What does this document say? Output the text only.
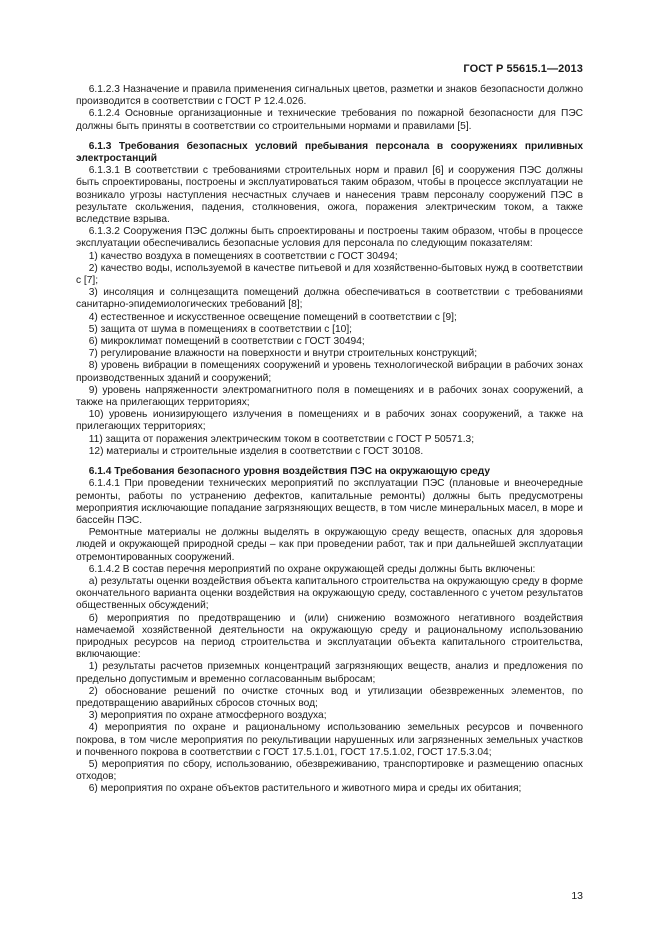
ГОСТ Р 55615.1—2013

6.1.2.3 Назначение и правила применения сигнальных цветов, разметки и знаков безопасности должно производится в соответствии с ГОСТ Р 12.4.026.

6.1.2.4 Основные организационные и технические требования по пожарной безопасности для ПЭС должны быть приняты в соответствии со строительными нормами и правилами [5].

6.1.3 Требования безопасных условий пребывания персонала в сооружениях приливных электростанций

6.1.3.1 В соответствии с требованиями строительных норм и правил [6] и сооружения ПЭС должны быть спроектированы, построены и эксплуатироваться таким образом, чтобы в процессе эксплуатации не возникало угрозы наступления несчастных случаев и нанесения травм персоналу сооружений ПЭС в результате скольжения, падения, столкновения, ожога, поражения электрическим током, а также вследствие взрыва.

6.1.3.2 Сооружения ПЭС должны быть спроектированы и построены таким образом, чтобы в процессе эксплуатации обеспечивались безопасные условия для персонала по следующим показателям:

1) качество воздуха в помещениях в соответствии с ГОСТ 30494;

2) качество воды, используемой в качестве питьевой и для хозяйственно-бытовых нужд в соответствии с [7];

3) инсоляция и солнцезащита помещений должна обеспечиваться в соответствии с требованиями санитарно-эпидемиологических требований [8];

4) естественное и искусственное освещение помещений в соответствии с [9];

5) защита от шума в помещениях в соответствии с [10];

6) микроклимат помещений в соответствии с ГОСТ 30494;

7) регулирование влажности на поверхности и внутри строительных конструкций;

8) уровень вибрации в помещениях сооружений и уровень технологической вибрации в рабочих зонах производственных зданий и сооружений;

9) уровень напряженности электромагнитного поля в помещениях и в рабочих зонах сооружений, а также на прилегающих территориях;

10) уровень ионизирующего излучения в помещениях и в рабочих зонах сооружений, а также на прилегающих территориях;

11) защита от поражения электрическим током в соответствии с ГОСТ Р 50571.3;

12) материалы и строительные изделия в соответствии с ГОСТ 30108.

6.1.4 Требования безопасного уровня воздействия ПЭС на окружающую среду

6.1.4.1 При проведении технических мероприятий по эксплуатации ПЭС (плановые и внеочередные ремонты, работы по устранению дефектов, капитальные ремонты) должны быть предусмотрены мероприятия исключающие попадание загрязняющих веществ, в том числе минеральных масел, в море и бассейн ПЭС.

Ремонтные материалы не должны выделять в окружающую среду веществ, опасных для здоровья людей и окружающей природной среды – как при проведении работ, так и при дальнейшей эксплуатации отремонтированных сооружений.

6.1.4.2 В состав перечня мероприятий по охране окружающей среды должны быть включены:

а) результаты оценки воздействия объекта капитального строительства на окружающую среду в форме окончательного варианта оценки воздействия на окружающую среду, составленного с учетом результатов общественных обсуждений;

б) мероприятия по предотвращению и (или) снижению возможного негативного воздействия намечаемой хозяйственной деятельности на окружающую среду и рациональному использованию природных ресурсов на период строительства и эксплуатации объекта капитального строительства, включающие:

1) результаты расчетов приземных концентраций загрязняющих веществ, анализ и предложения по предельно допустимым и временно согласованным выбросам;

2) обоснование решений по очистке сточных вод и утилизации обезвреженных элементов, по предотвращению аварийных сбросов сточных вод;

3) мероприятия по охране атмосферного воздуха;

4) мероприятия по охране и рациональному использованию земельных ресурсов и почвенного покрова, в том числе мероприятия по рекультивации нарушенных или загрязненных земельных участков и почвенного покрова в соответствии с ГОСТ 17.5.1.01, ГОСТ 17.5.1.02, ГОСТ 17.5.3.04;

5) мероприятия по сбору, использованию, обезвреживанию, транспортировке и размещению опасных отходов;

6) мероприятия по охране объектов растительного и животного мира и среды их обитания;

13
